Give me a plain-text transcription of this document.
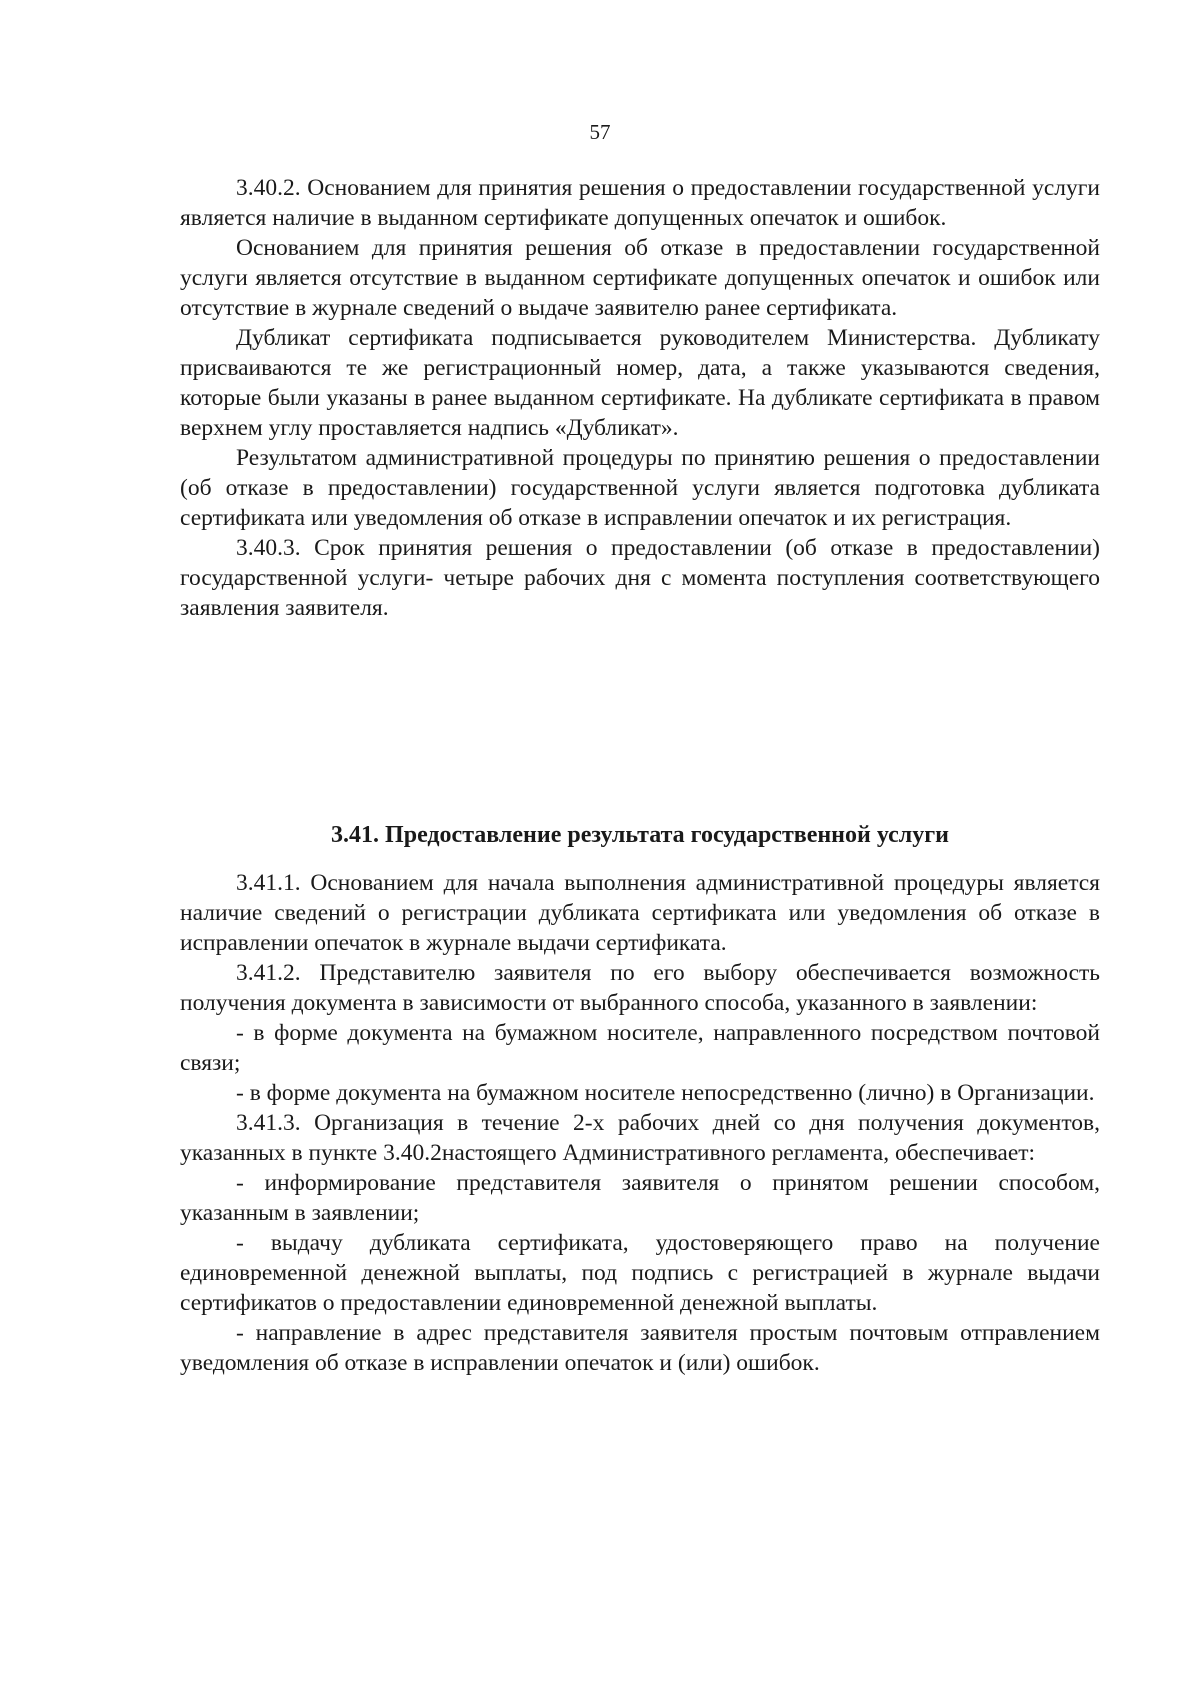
57

3.40.2. Основанием для принятия решения о предоставлении государственной услуги является наличие в выданном сертификате допущенных опечаток и ошибок.

Основанием для принятия решения об отказе в предоставлении государственной услуги является отсутствие в выданном сертификате допущенных опечаток и ошибок или отсутствие в журнале сведений о выдаче заявителю ранее сертификата.

Дубликат сертификата подписывается руководителем Министерства. Дубликату присваиваются те же регистрационный номер, дата, а также указываются сведения, которые были указаны в ранее выданном сертификате. На дубликате сертификата в правом верхнем углу проставляется надпись «Дубликат».

Результатом административной процедуры по принятию решения о предоставлении (об отказе в предоставлении) государственной услуги является подготовка дубликата сертификата или уведомления об отказе в исправлении опечаток и их регистрация.

3.40.3. Срок принятия решения о предоставлении (об отказе в предоставлении) государственной услуги- четыре рабочих дня с момента поступления соответствующего заявления заявителя.

3.41. Предоставление результата государственной услуги

3.41.1. Основанием для начала выполнения административной процедуры является наличие сведений о регистрации дубликата сертификата или уведомления об отказе в исправлении опечаток в журнале выдачи сертификата.

3.41.2. Представителю заявителя по его выбору обеспечивается возможность получения документа в зависимости от выбранного способа, указанного в заявлении:

- в форме документа на бумажном носителе, направленного посредством почтовой связи;

- в форме документа на бумажном носителе непосредственно (лично) в Организации.

3.41.3. Организация в течение 2-х рабочих дней со дня получения документов, указанных в пункте 3.40.2настоящего Административного регламента, обеспечивает:

- информирование представителя заявителя о принятом решении способом, указанным в заявлении;

- выдачу дубликата сертификата, удостоверяющего право на получение единовременной денежной выплаты, под подпись с регистрацией в журнале выдачи сертификатов о предоставлении единовременной денежной выплаты.

- направление в адрес представителя заявителя простым почтовым отправлением уведомления об отказе в исправлении опечаток и (или) ошибок.
